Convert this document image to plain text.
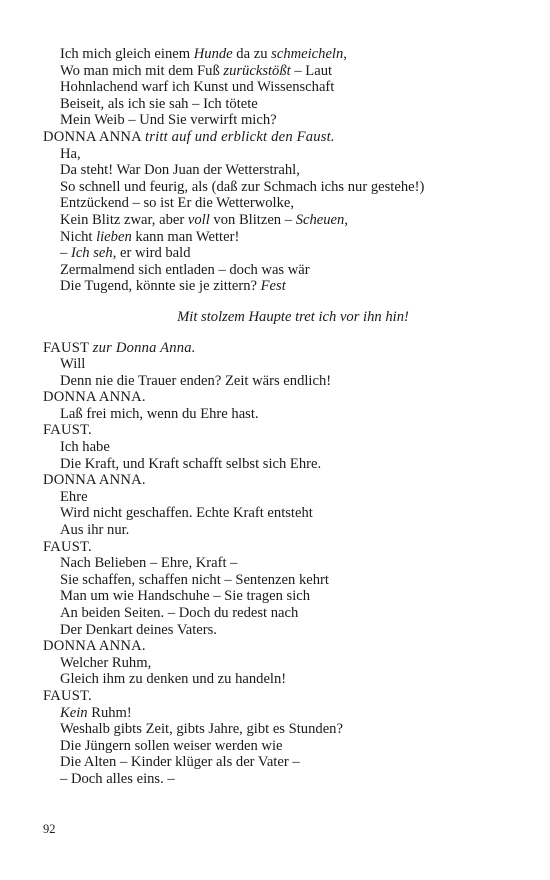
Ich mich gleich einem Hunde da zu schmeicheln,
Wo man mich mit dem Fuß zurückstößt – Laut
Hohnlachend warf ich Kunst und Wissenschaft
Beiseit, als ich sie sah – Ich tötete
Mein Weib – Und Sie verwirft mich?
DONNA ANNA tritt auf und erblickt den Faust.
Ha,
Da steht! War Don Juan der Wetterstrahl,
So schnell und feurig, als (daß zur Schmach ichs nur gestehe!)
Entzückend – so ist Er die Wetterwolke,
Kein Blitz zwar, aber voll von Blitzen – Scheuen,
Nicht lieben kann man Wetter!
– Ich seh, er wird bald
Zermalmend sich entladen – doch was wär
Die Tugend, könnte sie je zittern? Fest
Mit stolzem Haupte tret ich vor ihn hin!
FAUST zur Donna Anna.
Will
Denn nie die Trauer enden? Zeit wärs endlich!
DONNA ANNA.
Laß frei mich, wenn du Ehre hast.
FAUST.
Ich habe
Die Kraft, und Kraft schafft selbst sich Ehre.
DONNA ANNA.
Ehre
Wird nicht geschaffen. Echte Kraft entsteht
Aus ihr nur.
FAUST.
Nach Belieben – Ehre, Kraft –
Sie schaffen, schaffen nicht – Sentenzen kehrt
Man um wie Handschuhe – Sie tragen sich
An beiden Seiten. – Doch du redest nach
Der Denkart deines Vaters.
DONNA ANNA.
Welcher Ruhm,
Gleich ihm zu denken und zu handeln!
FAUST.
Kein Ruhm!
Weshalb gibts Zeit, gibts Jahre, gibt es Stunden?
Die Jüngern sollen weiser werden wie
Die Alten – Kinder klüger als der Vater –
– Doch alles eins. –
92
